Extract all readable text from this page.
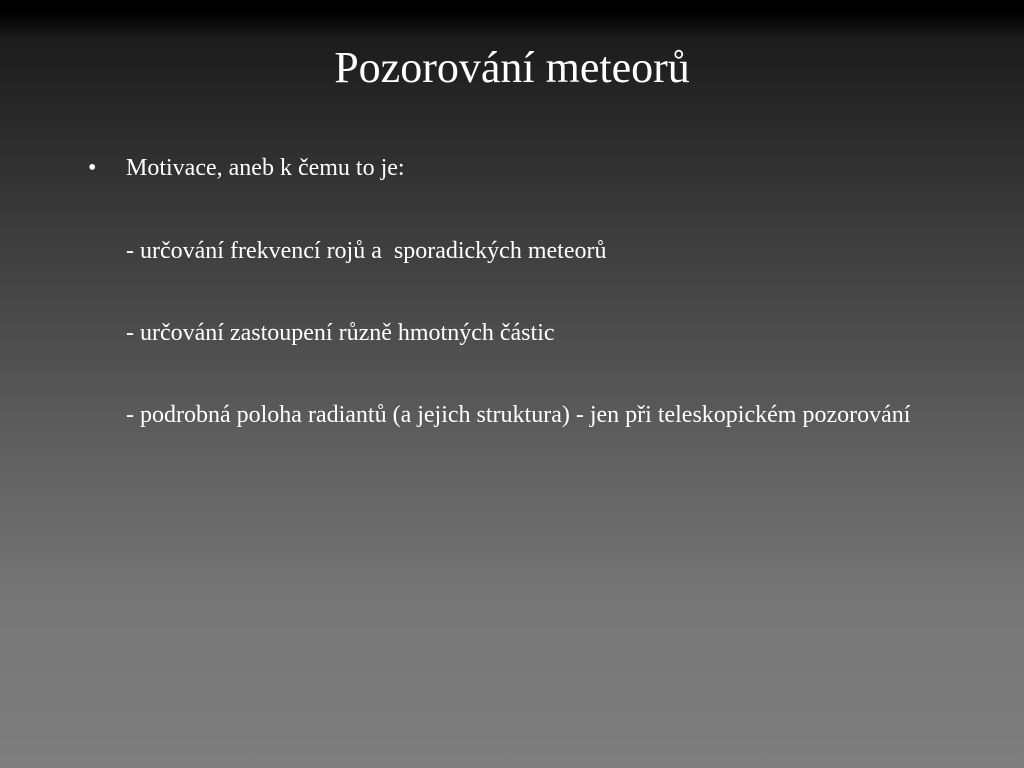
Pozorování meteorů
• Motivace, aneb k čemu to je:
- určování frekvencí rojů a  sporadických meteorů
- určování zastoupení různě hmotných částic
- podrobná poloha radiantů (a jejich struktura) - jen při teleskopickém pozorování
